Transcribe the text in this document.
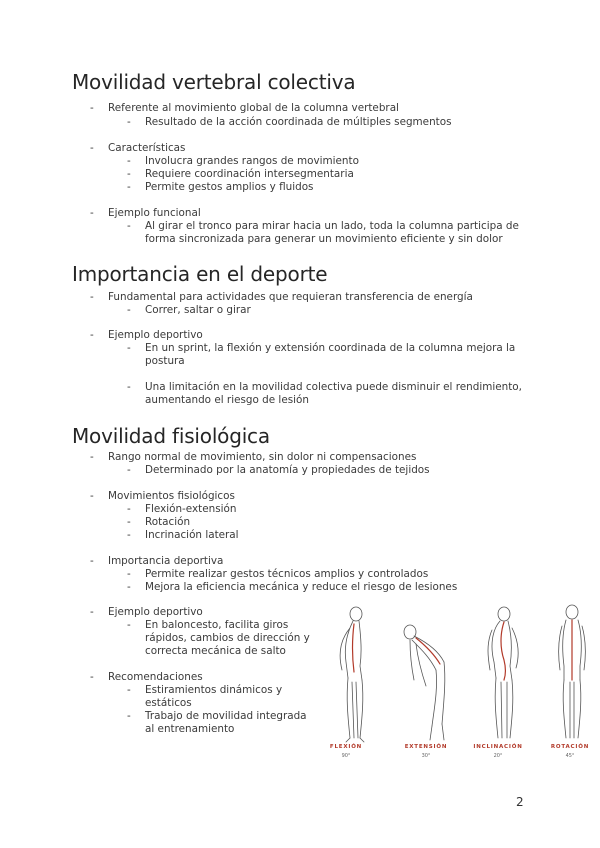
Movilidad vertebral colectiva
- Referente al movimiento global de la columna vertebral
- Resultado de la acción coordinada de múltiples segmentos
- Características
- Involucra grandes rangos de movimiento
- Requiere coordinación intersegmentaria
- Permite gestos amplios y fluidos
- Ejemplo funcional
- Al girar el tronco para mirar hacia un lado, toda la columna participa de forma sincronizada para generar un movimiento eficiente y sin dolor
Importancia en el deporte
- Fundamental para actividades que requieran transferencia de energía
- Correr, saltar o girar
- Ejemplo deportivo
- En un sprint, la flexión y extensión coordinada de la columna mejora la postura
- Una limitación en la movilidad colectiva puede disminuir el rendimiento, aumentando el riesgo de lesión
Movilidad fisiológica
- Rango normal de movimiento, sin dolor ni compensaciones
- Determinado por la anatomía y propiedades de tejidos
- Movimientos fisiológicos
- Flexión-extensión
- Rotación
- Incrinación lateral
- Importancia deportiva
- Permite realizar gestos técnicos amplios y controlados
- Mejora la eficiencia mecánica y reduce el riesgo de lesiones
- Ejemplo deportivo
- En baloncesto, facilita giros rápidos, cambios de dirección y correcta mecánica de salto
- Recomendaciones
- Estiramientos dinámicos y estáticos
- Trabajo de movilidad integrada al entrenamiento
FLEXIÓN	EXTENSIÓN	INCLINACIÓN	ROTACIÓN
90°	30°	20°	45°
2
